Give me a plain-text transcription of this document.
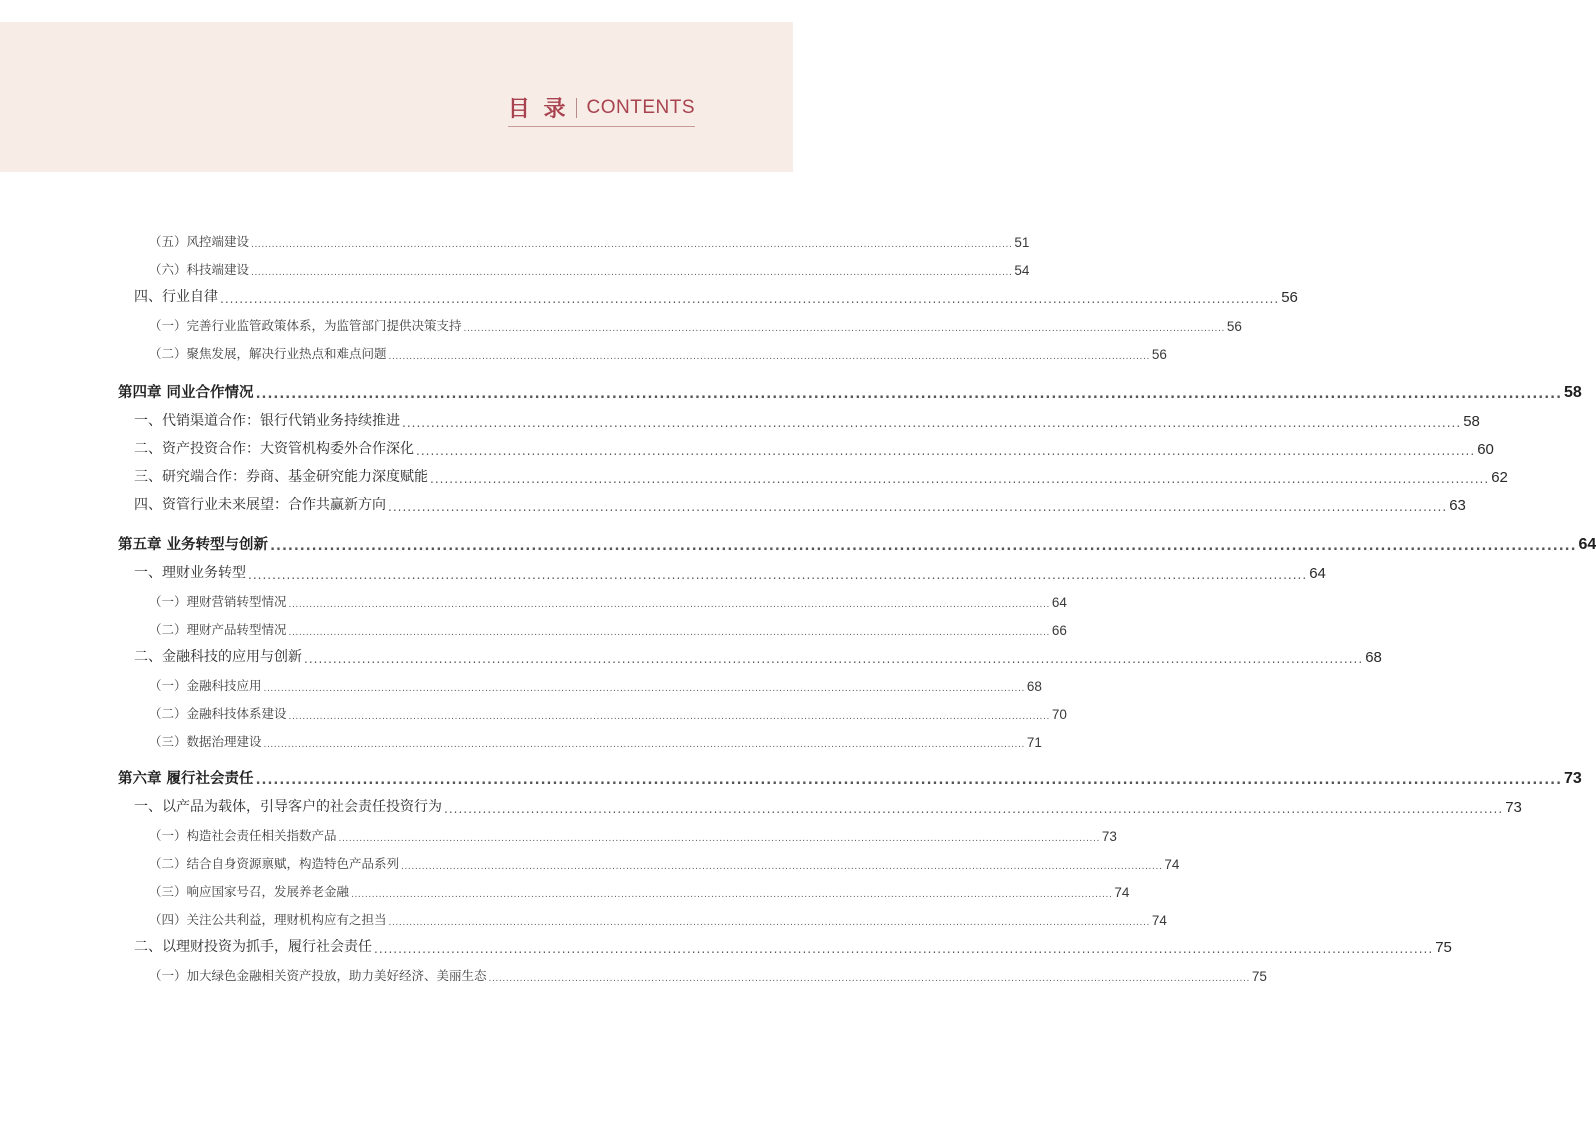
目 录 CONTENTS
（五）风控端建设 ............................................................................................................................................................................................................................ 51
（六）科技端建设 ............................................................................................................................................................................................................................ 54
四、行业自律 ............................................................................................................................................................................................................................ 56
（一）完善行业监管政策体系，为监管部门提供决策支持 ............................................................................................................................................................................................................................ 56
（二）聚焦发展，解决行业热点和难点问题 ............................................................................................................................................................................................................................ 56
第四章 同业合作情况 ............................................................................................................................................................................................................................ 58
一、代销渠道合作：银行代销业务持续推进 ............................................................................................................................................................................................................................ 58
二、资产投资合作：大资管机构委外合作深化 ............................................................................................................................................................................................................................ 60
三、研究端合作：券商、基金研究能力深度赋能 ............................................................................................................................................................................................................................ 62
四、资管行业未来展望：合作共赢新方向 ............................................................................................................................................................................................................................ 63
第五章 业务转型与创新 ............................................................................................................................................................................................................................ 64
一、理财业务转型 ............................................................................................................................................................................................................................ 64
（一）理财营销转型情况 ............................................................................................................................................................................................................................ 64
（二）理财产品转型情况 ............................................................................................................................................................................................................................ 66
二、金融科技的应用与创新 ............................................................................................................................................................................................................................ 68
（一）金融科技应用 ............................................................................................................................................................................................................................ 68
（二）金融科技体系建设 ............................................................................................................................................................................................................................ 70
（三）数据治理建设 ............................................................................................................................................................................................................................ 71
第六章 履行社会责任 ............................................................................................................................................................................................................................ 73
一、以产品为载体，引导客户的社会责任投资行为 ............................................................................................................................................................................................................................ 73
（一）构造社会责任相关指数产品 ............................................................................................................................................................................................................................ 73
（二）结合自身资源禀赋，构造特色产品系列 ............................................................................................................................................................................................................................ 74
（三）响应国家号召，发展养老金融 ............................................................................................................................................................................................................................ 74
（四）关注公共利益，理财机构应有之担当 ............................................................................................................................................................................................................................ 74
二、以理财投资为抓手，履行社会责任 ............................................................................................................................................................................................................................ 75
（一）加大绿色金融相关资产投放，助力美好经济、美丽生态 ............................................................................................................................................................................................................................ 75
